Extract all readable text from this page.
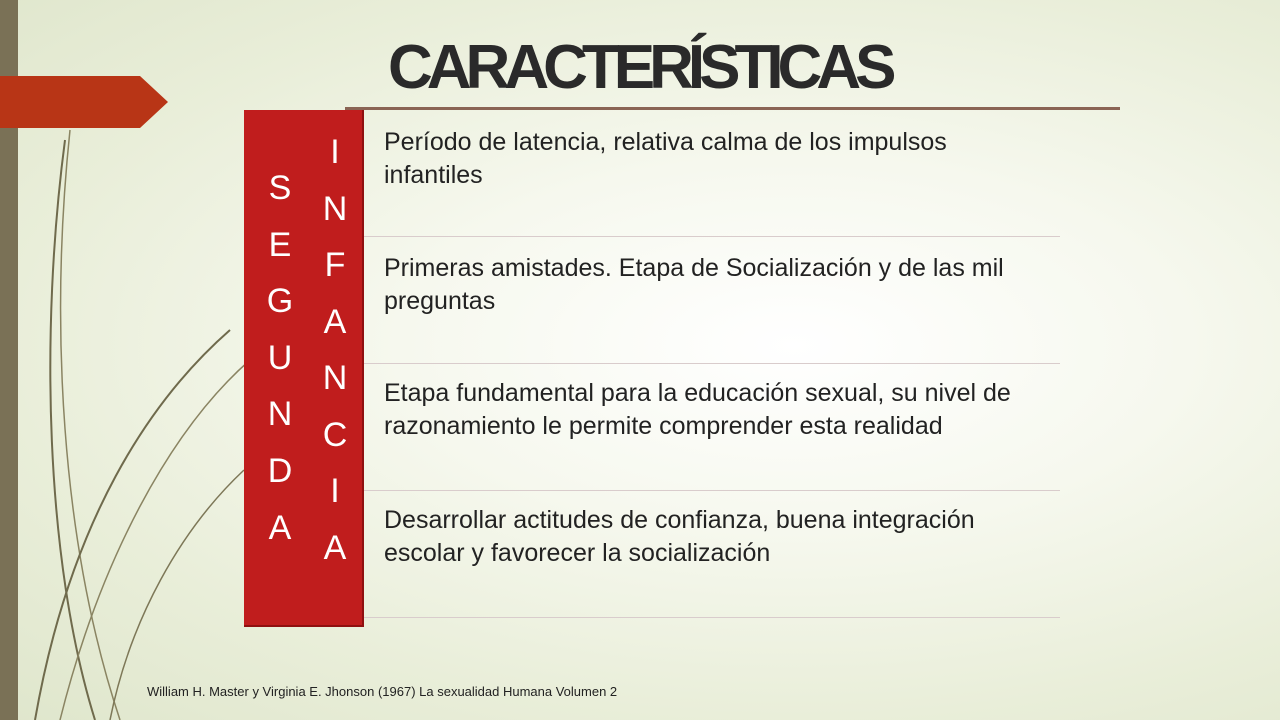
CARACTERÍSTICAS
S
E
G
U
N
D
A
I
N
F
A
N
C
I
A
Período de latencia, relativa calma de los impulsos infantiles
Primeras amistades. Etapa de Socialización y de las mil preguntas
Etapa fundamental para la educación sexual, su nivel de razonamiento le permite comprender esta realidad
Desarrollar actitudes de confianza, buena integración escolar y favorecer la socialización
William H. Master y Virginia E. Jhonson (1967) La sexualidad Humana Volumen 2
